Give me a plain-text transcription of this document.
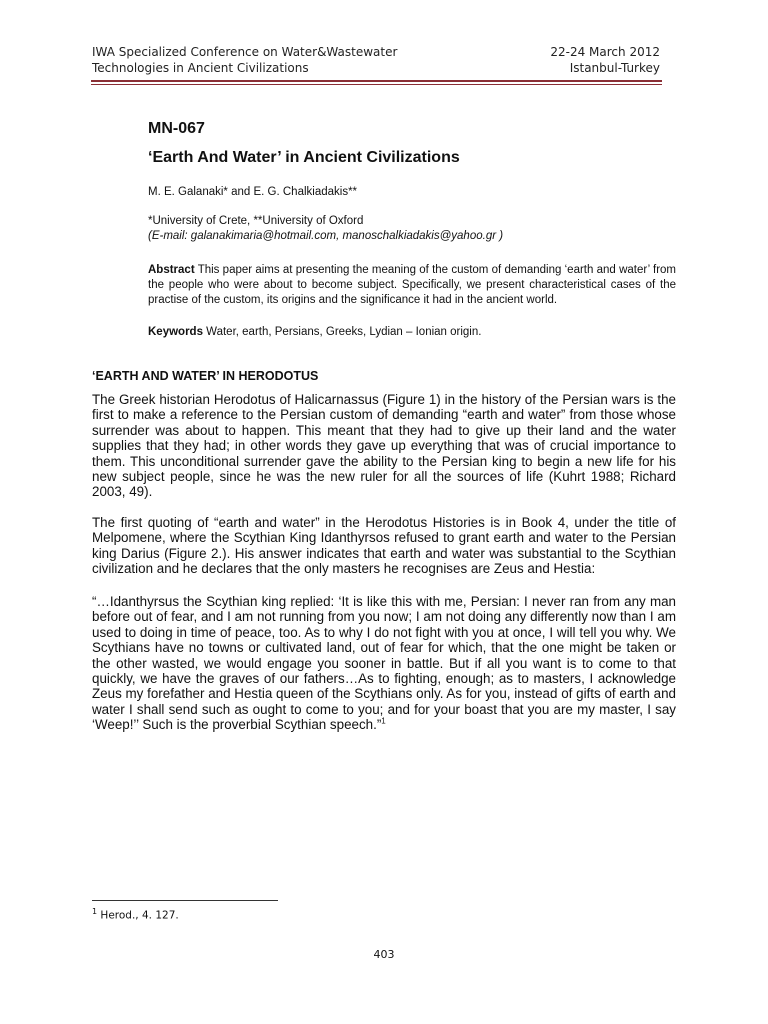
IWA Specialized Conference on Water&Wastewater
Technologies in Ancient Civilizations
22-24 March 2012
Istanbul-Turkey
MN-067
‘Earth And Water’ in Ancient Civilizations
M. E. Galanaki* and E. G. Chalkiadakis**
*University of Crete, **University of Oxford
(E-mail: galanakimaria@hotmail.com, manoschalkiadakis@yahoo.gr )
Abstract This paper aims at presenting the meaning of the custom of demanding ‘earth and water’ from the people who were about to become subject. Specifically, we present characteristical cases of the practise of the custom, its origins and the significance it had in the ancient world.
Keywords Water, earth, Persians, Greeks, Lydian – Ionian origin.
‘EARTH AND WATER’ IN HERODOTUS

The Greek historian Herodotus of Halicarnassus (Figure 1) in the history of the Persian wars is the first to make a reference to the Persian custom of demanding “earth and water” from those whose surrender was about to happen. This meant that they had to give up their land and the water supplies that they had; in other words they gave up everything that was of crucial importance to them. This unconditional surrender gave the ability to the Persian king to begin a new life for his new subject people, since he was the new ruler for all the sources of life (Kuhrt 1988; Richard 2003, 49).

The first quoting of “earth and water” in the Herodotus Histories is in Book 4, under the title of Melpomene, where the Scythian King Idanthyrsos refused to grant earth and water to the Persian king Darius (Figure 2.). His answer indicates that earth and water was substantial to the Scythian civilization and he declares that the only masters he recognises are Zeus and Hestia:

“…Idanthyrsus the Scythian king replied: ‘It is like this with me, Persian: I never ran from any man before out of fear, and I am not running from you now; I am not doing any differently now than I am used to doing in time of peace, too. As to why I do not fight with you at once, I will tell you why. We Scythians have no towns or cultivated land, out of fear for which, that the one might be taken or the other wasted, we would engage you sooner in battle. But if all you want is to come to that quickly, we have the graves of our fathers…As to fighting, enough; as to masters, I acknowledge Zeus my forefather and Hestia queen of the Scythians only. As for you, instead of gifts of earth and water I shall send such as ought to come to you; and for your boast that you are my master, I say ‘Weep!’’ Such is the proverbial Scythian speech.”$^1$

$^1$ Herod., 4. 127.
403
